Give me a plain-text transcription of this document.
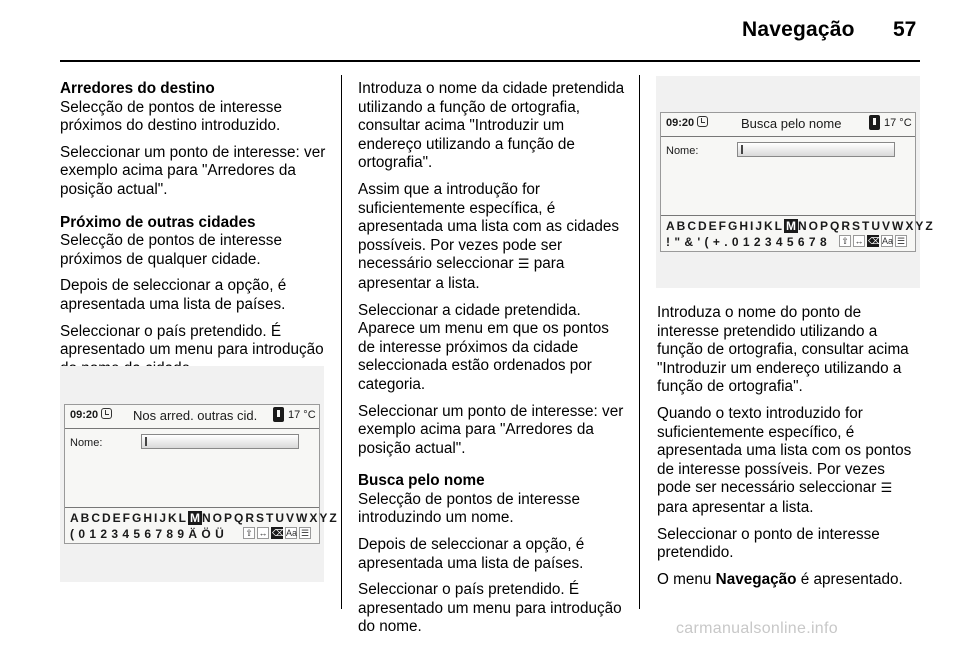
Navegação 57
Arredores do destino

Selecção de pontos de interesse próximos do destino introduzido.

Seleccionar um ponto de interesse: ver exemplo acima para "Arredores da posição actual".

Próximo de outras cidades

Selecção de pontos de interesse próximos de qualquer cidade.

Depois de seleccionar a opção, é apresentada uma lista de países.

Seleccionar o país pretendido. É apresentado um menu para introdução

09:20	Nos arred. outras cid.	17 °C
Nome:
ABCDEFGHIJKL M NOPQRSTUVWXYZ
( 0 1 2 3 4 5 6 7 8 9 Ä Ö Ü ⇧ ↔ ⌫ Aa ☰

Introduza o nome da cidade pretendida utilizando a função de ortografia, consultar acima "Introduzir um endereço utilizando a função de ortografia".

Assim que a introdução for suficientemente específica, é apresentada uma lista com as cidades possíveis. Por vezes pode ser necessário seleccionar ☰ para apresentar a lista.

Seleccionar a cidade pretendida. Aparece um menu em que os pontos de interesse próximos da cidade seleccionada estão ordenados por categoria.

Seleccionar um ponto de interesse: ver exemplo acima para "Arredores da posição actual".

Busca pelo nome

Selecção de pontos de interesse introduzindo um nome.

Depois de seleccionar a opção, é apresentada uma lista de países.

Seleccionar o país pretendido. É apresentado um menu para introdução do nome.

09:20	Busca pelo nome	17 °C
Nome:
ABCDEFGHIJKL M NOPQRSTUVWXYZ
! " & ' ( + . 0 1 2 3 4 5 6 7 8 ⇧ ↔ ⌫ Aa ☰

Introduza o nome do ponto de interesse pretendido utilizando a função de ortografia, consultar acima "Introduzir um endereço utilizando a função de ortografia".

Quando o texto introduzido for suficientemente específico, é apresentada uma lista com os pontos de interesse possíveis. Por vezes pode ser necessário seleccionar ☰ para apresentar a lista.

Seleccionar o ponto de interesse pretendido.

O menu Navegação é apresentado.

carmanualsonline.info
